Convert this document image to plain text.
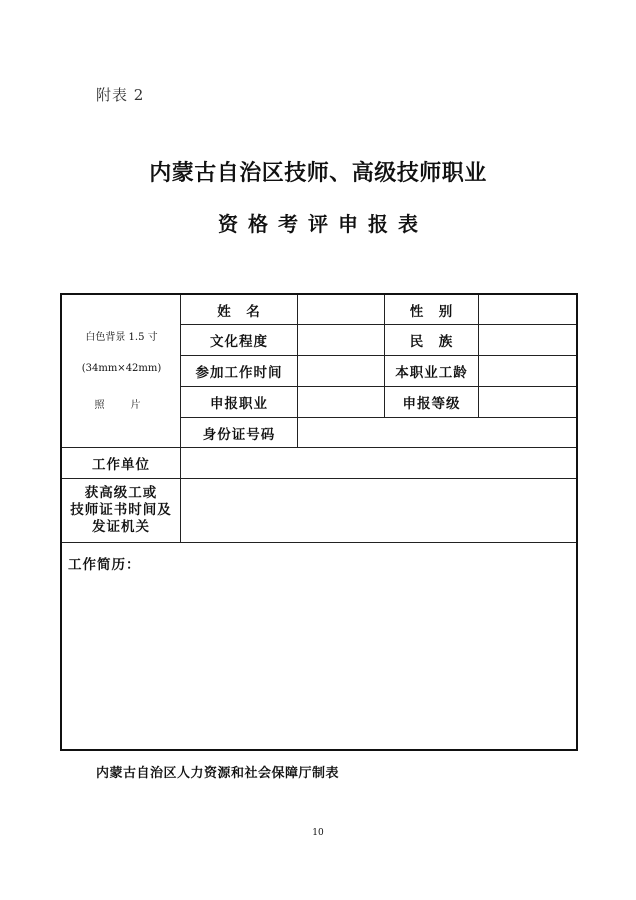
附表 2
内蒙古自治区技师、高级技师职业
资格考评申报表
白色背景 1.5 寸
(34mm×42mm)
照　片
姓　名	性　别
文化程度	民　族
参加工作时间	本职业工龄
申报职业	申报等级
身份证号码
工作单位
获高级工或
技师证书时间及
发证机关
工作简历：
内蒙古自治区人力资源和社会保障厅制表
10
